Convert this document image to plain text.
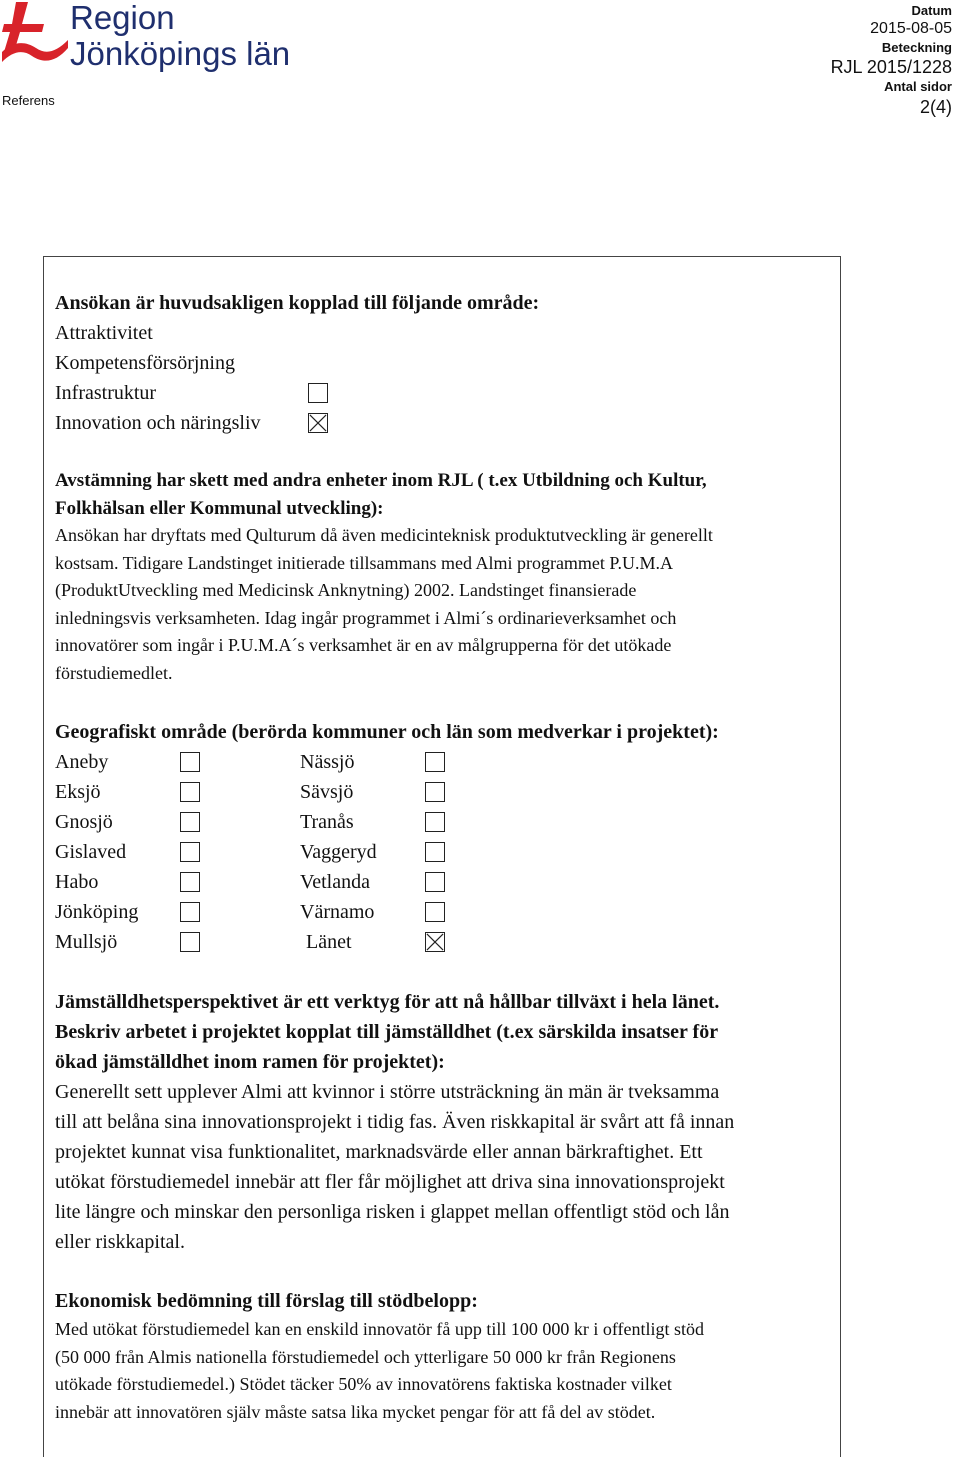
Region
Jönköpings län
Referens
Datum
2015-08-05
Beteckning
RJL 2015/1228
Antal sidor
2(4)
Ansökan är huvudsakligen kopplad till följande område:
Attraktivitet
Kompetensförsörjning
Infrastruktur
Innovation och näringsliv
Avstämning har skett med andra enheter inom RJL ( t.ex Utbildning och Kultur,
Folkhälsan eller Kommunal utveckling):
Ansökan har dryftats med Qulturum då även medicinteknisk produktutveckling är generellt
kostsam. Tidigare Landstinget initierade tillsammans med Almi programmet P.U.M.A
(ProduktUtveckling med Medicinsk Anknytning) 2002. Landstinget finansierade
inledningsvis verksamheten. Idag ingår programmet i Almi´s ordinarieverksamhet och
innovatörer som ingår i P.U.M.A´s verksamhet är en av målgrupperna för det utökade
förstudiemedlet.
Geografiskt område (berörda kommuner och län som medverkar i projektet):
Aneby	Nässjö
Eksjö	Sävsjö
Gnosjö	Tranås
Gislaved	Vaggeryd
Habo	Vetlanda
Jönköping	Värnamo
Mullsjö	Länet
Jämställdhetsperspektivet är ett verktyg för att nå hållbar tillväxt i hela länet.
Beskriv arbetet i projektet kopplat till jämställdhet (t.ex särskilda insatser för
ökad jämställdhet inom ramen för projektet):
Generellt sett upplever Almi att kvinnor i större utsträckning än män är tveksamma
till att belåna sina innovationsprojekt i tidig fas. Även riskkapital är svårt att få innan
projektet kunnat visa funktionalitet, marknadsvärde eller annan bärkraftighet. Ett
utökat förstudiemedel innebär att fler får möjlighet att driva sina innovationsprojekt
lite längre och minskar den personliga risken i glappet mellan offentligt stöd och lån
eller riskkapital.
Ekonomisk bedömning till förslag till stödbelopp:
Med utökat förstudiemedel kan en enskild innovatör få upp till 100 000 kr i offentligt stöd
(50 000 från Almis nationella förstudiemedel och ytterligare 50 000 kr från Regionens
utökade förstudiemedel.) Stödet täcker 50% av innovatörens faktiska kostnader vilket
innebär att innovatören själv måste satsa lika mycket pengar för att få del av stödet.
